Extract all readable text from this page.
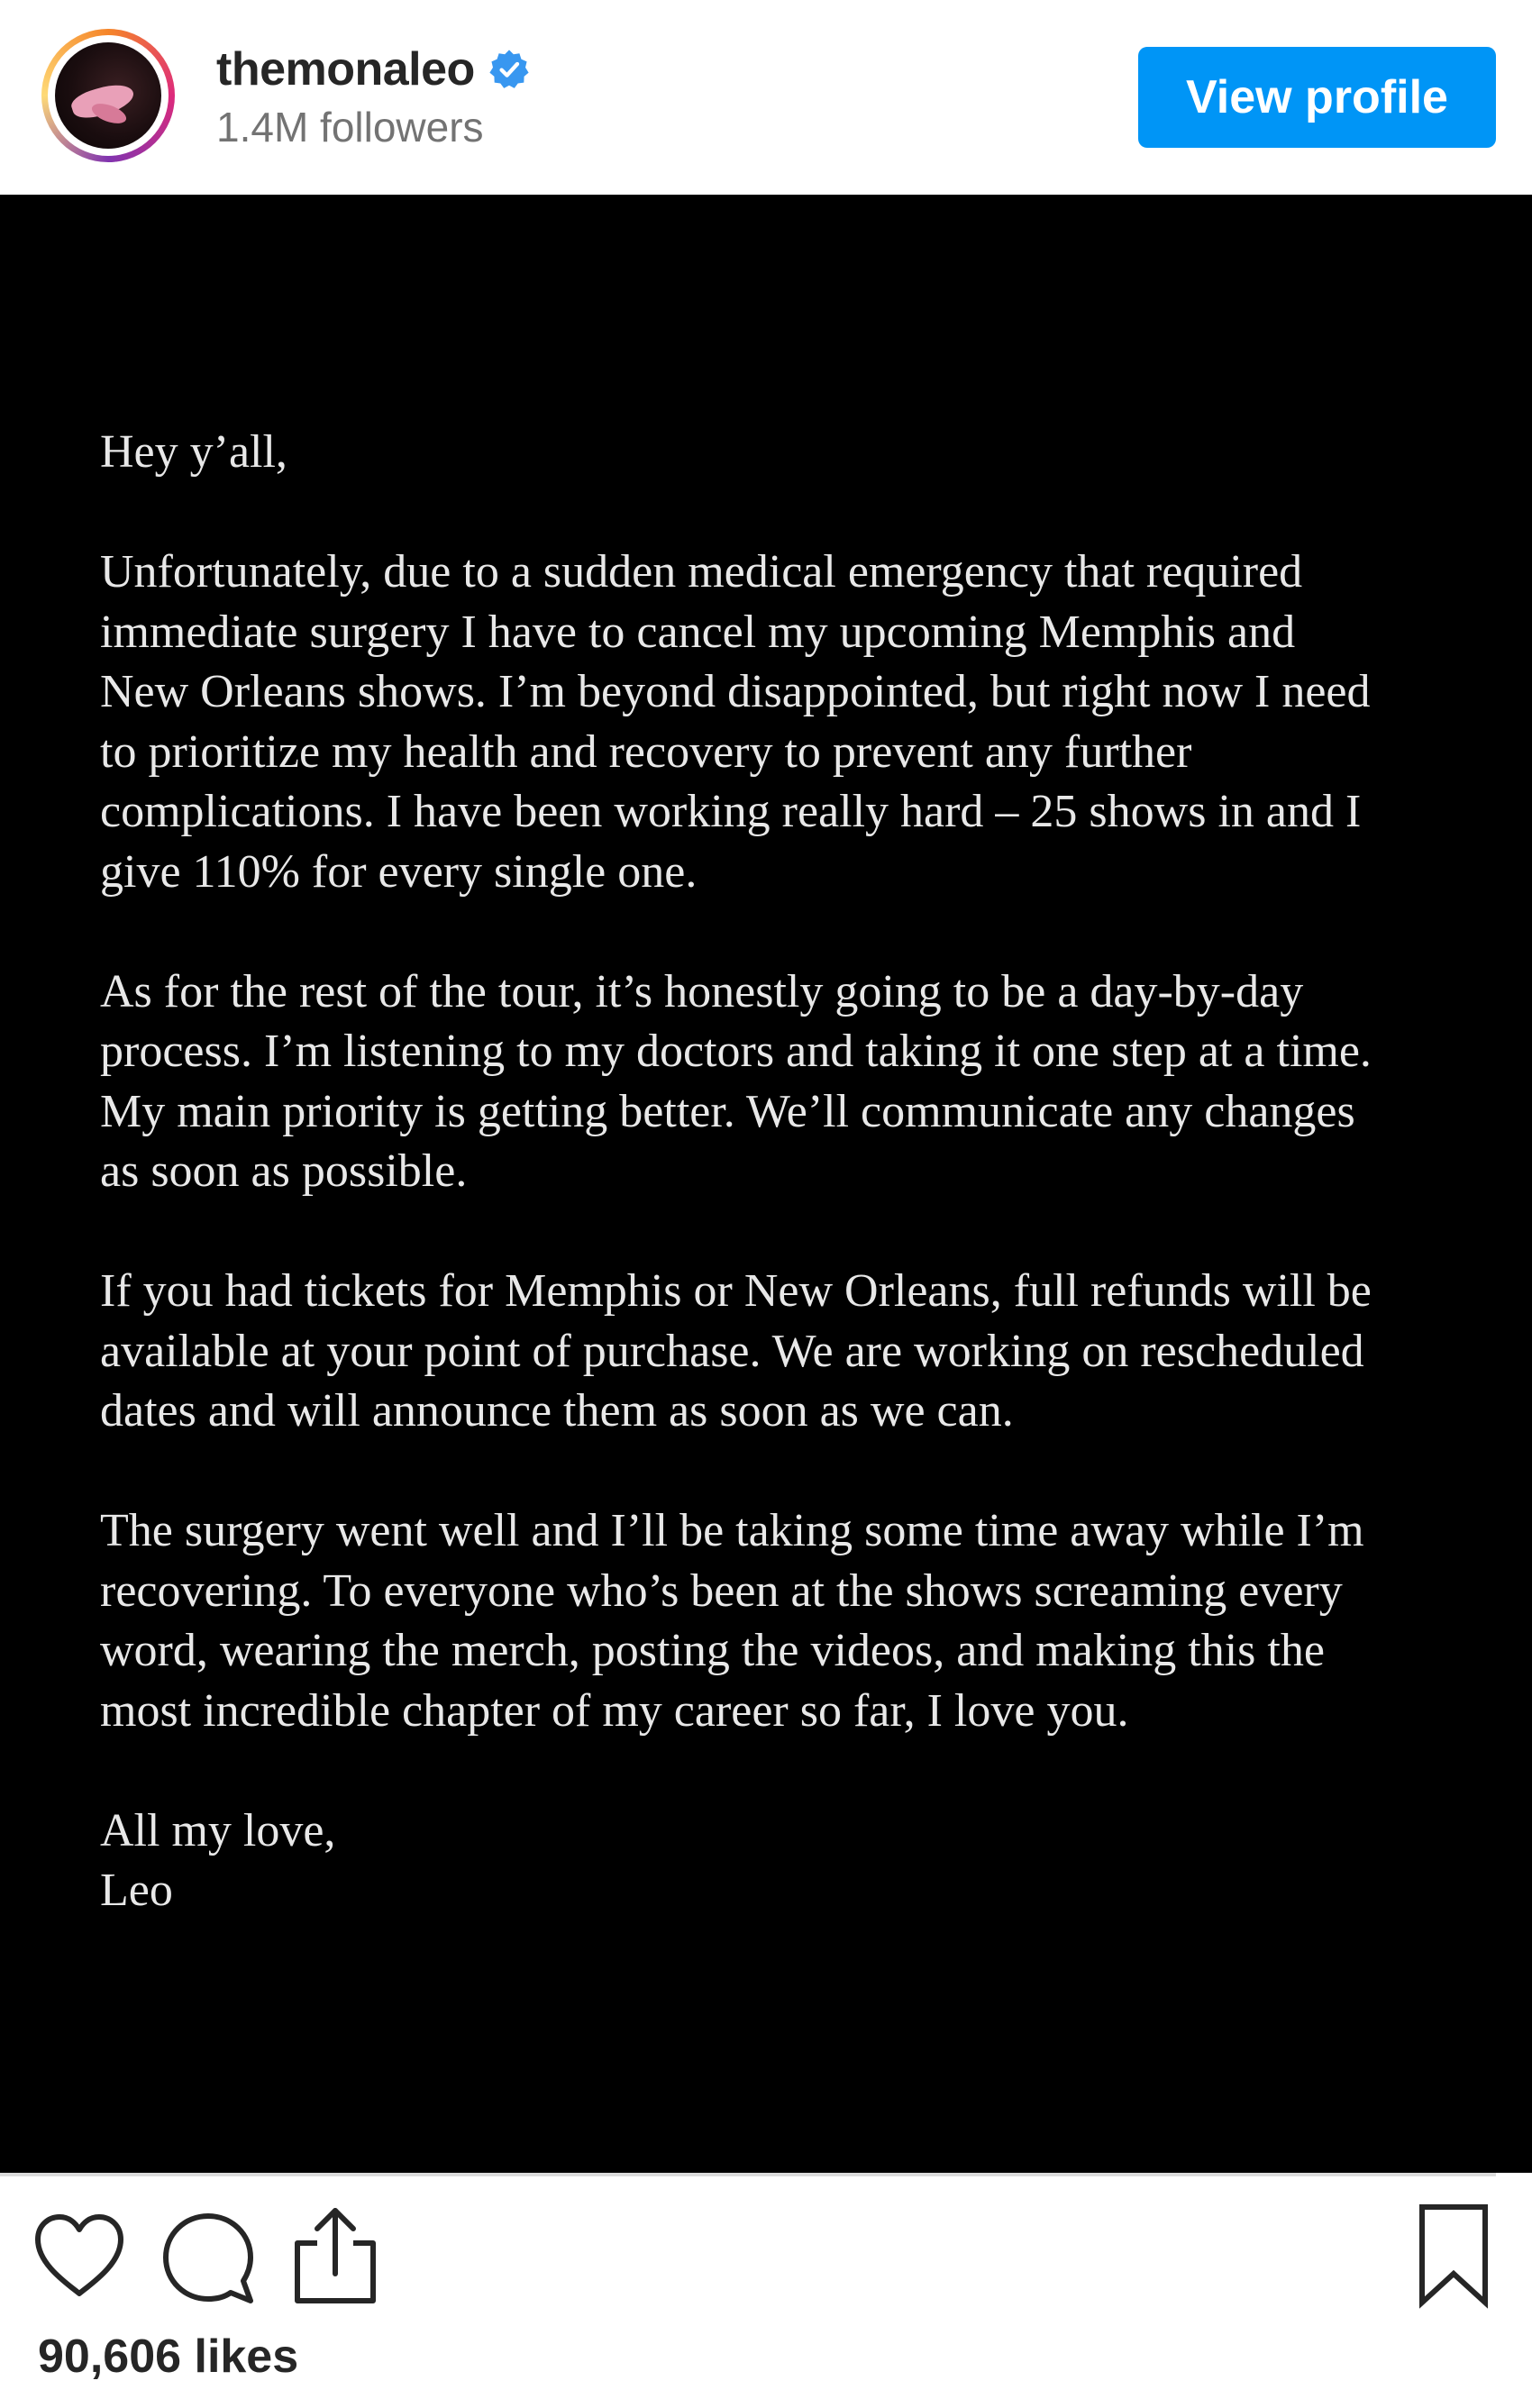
themonaleo
1.4M followers
View profile

Hey y’all,

Unfortunately, due to a sudden medical emergency that required
immediate surgery I have to cancel my upcoming Memphis and
New Orleans shows. I’m beyond disappointed, but right now I need
to prioritize my health and recovery to prevent any further
complications. I have been working really hard – 25 shows in and I
give 110% for every single one.

As for the rest of the tour, it’s honestly going to be a day-by-day
process. I’m listening to my doctors and taking it one step at a time.
My main priority is getting better. We’ll communicate any changes
as soon as possible.

If you had tickets for Memphis or New Orleans, full refunds will be
available at your point of purchase. We are working on rescheduled
dates and will announce them as soon as we can.

The surgery went well and I’ll be taking some time away while I’m
recovering. To everyone who’s been at the shows screaming every
word, wearing the merch, posting the videos, and making this the
most incredible chapter of my career so far, I love you.

All my love,
Leo

90,606 likes
